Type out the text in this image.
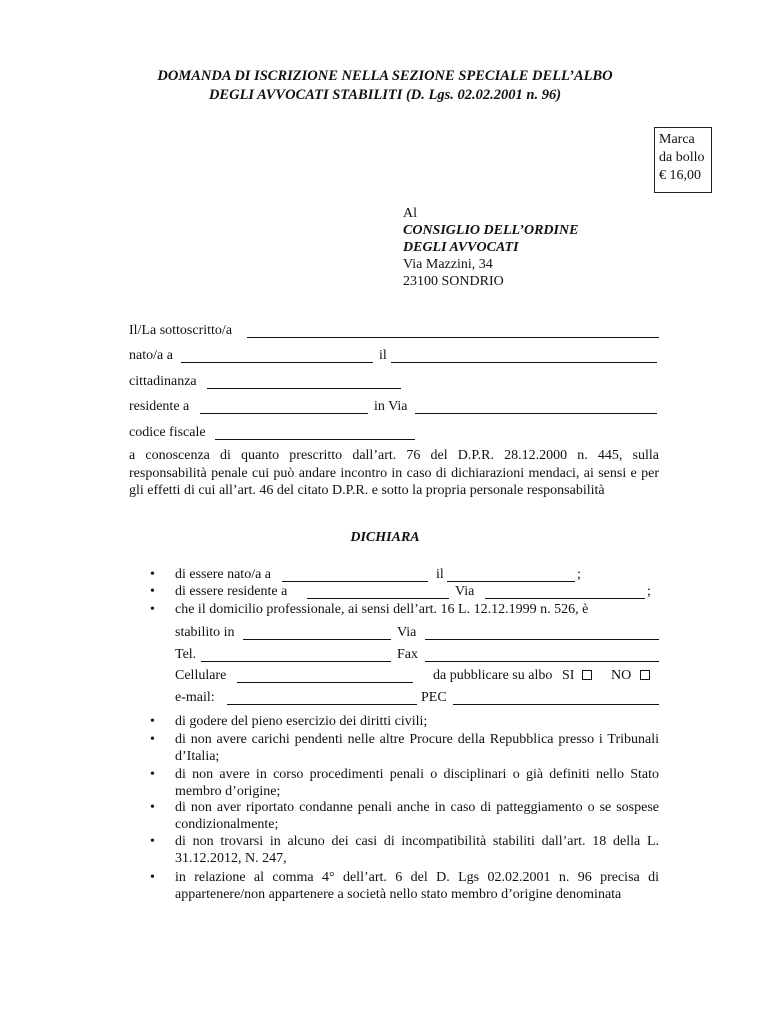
DOMANDA DI ISCRIZIONE NELLA SEZIONE SPECIALE DELL’ALBO
DEGLI AVVOCATI STABILITI (D. Lgs. 02.02.2001 n. 96)
Marca
da bollo
€ 16,00
Al
CONSIGLIO DELL’ORDINE
DEGLI AVVOCATI
Via Mazzini, 34
23100 SONDRIO
Il/La sottoscritto/a
nato/a a	il
cittadinanza
residente a	in Via
codice fiscale
a conoscenza di quanto prescritto dall’art. 76 del D.P.R. 28.12.2000 n. 445, sulla responsabilità penale cui può andare incontro in caso di dichiarazioni mendaci, ai sensi e per gli effetti di cui all’art. 46 del citato D.P.R. e sotto la propria personale responsabilità
DICHIARA
• di essere nato/a a	il	;
• di essere residente a	Via	;
• che il domicilio professionale, ai sensi dell’art. 16 L. 12.12.1999 n. 526, è
stabilito in	Via
Tel.	Fax
Cellulare	da pubblicare su albo SI	NO
e-mail:	PEC
• di godere del pieno esercizio dei diritti civili;
• di non avere carichi pendenti nelle altre Procure della Repubblica presso i Tribunali d’Italia;
• di non avere in corso procedimenti penali o disciplinari o già definiti nello Stato membro d’origine;
• di non aver riportato condanne penali anche in caso di patteggiamento o se sospese condizionalmente;
• di non trovarsi in alcuno dei casi di incompatibilità stabiliti dall’art. 18 della L. 31.12.2012, N. 247,
• in relazione al comma 4° dell’art. 6 del D. Lgs 02.02.2001 n. 96 precisa di appartenere/non appartenere a società nello stato membro d’origine denominata
